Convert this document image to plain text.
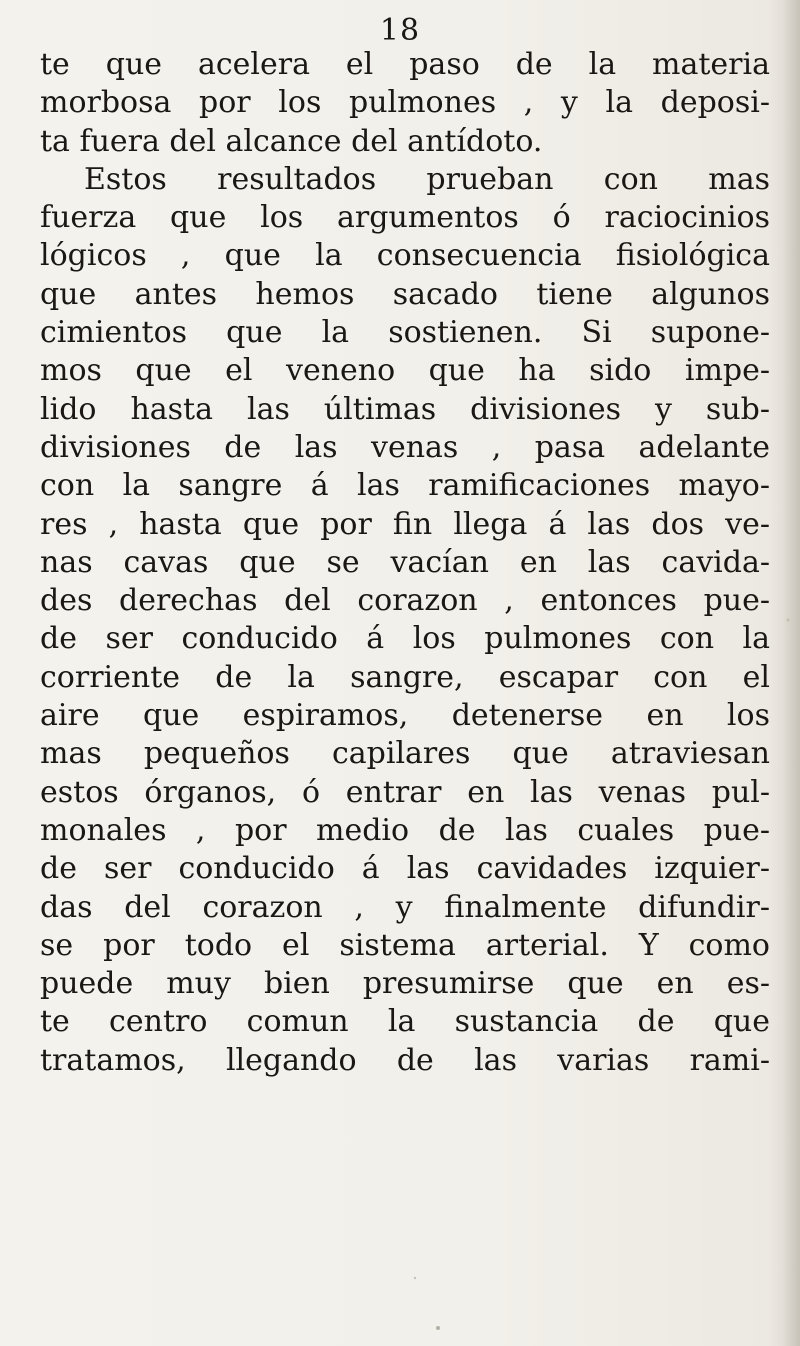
18
te que acelera el paso de la materia
morbosa por los pulmones , y la deposi-
ta fuera del alcance del antídoto.
Estos resultados prueban con mas
fuerza que los argumentos ó raciocinios
lógicos , que la consecuencia fisiológica
que antes hemos sacado tiene algunos
cimientos que la sostienen. Si supone-
mos que el veneno que ha sido impe-
lido hasta las últimas divisiones y sub-
divisiones de las venas , pasa adelante
con la sangre á las ramificaciones mayo-
res , hasta que por fin llega á las dos ve-
nas cavas que se vacían en las cavida-
des derechas del corazon , entonces pue-
de ser conducido á los pulmones con la
corriente de la sangre, escapar con el
aire que espiramos, detenerse en los
mas pequeños capilares que atraviesan
estos órganos, ó entrar en las venas pul-
monales , por medio de las cuales pue-
de ser conducido á las cavidades izquier-
das del corazon , y finalmente difundir-
se por todo el sistema arterial. Y como
puede muy bien presumirse que en es-
te centro comun la sustancia de que
tratamos, llegando de las varias rami-
